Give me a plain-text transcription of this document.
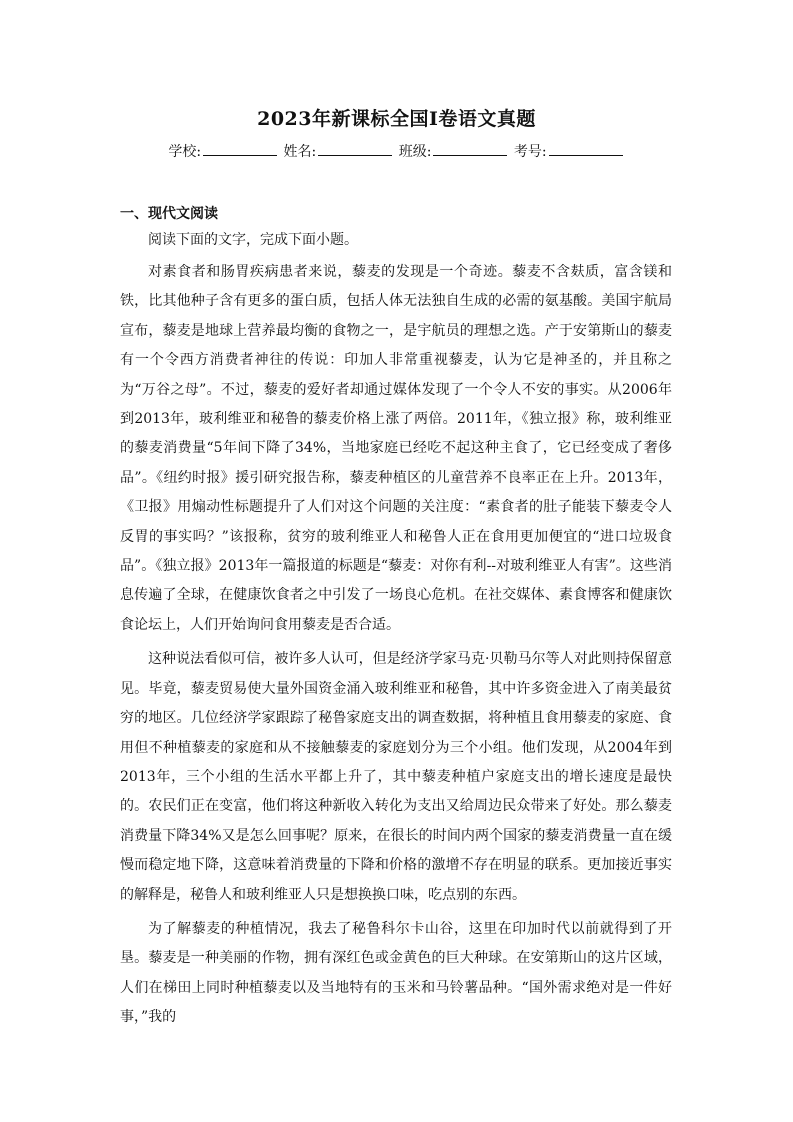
2023年新课标全国Ⅰ卷语文真题
学校:	姓名:	班级:	考号:
一、现代文阅读
阅读下面的文字，完成下面小题。

对素食者和肠胃疾病患者来说，藜麦的发现是一个奇迹。藜麦不含麸质，富含镁和铁，比其他种子含有更多的蛋白质，包括人体无法独自生成的必需的氨基酸。美国宇航局宣布，藜麦是地球上营养最均衡的食物之一，是宇航员的理想之选。产于安第斯山的藜麦有一个令西方消费者神往的传说：印加人非常重视藜麦，认为它是神圣的，并且称之为“万谷之母”。不过，藜麦的爱好者却通过媒体发现了一个令人不安的事实。从2006年到2013年，玻利维亚和秘鲁的藜麦价格上涨了两倍。2011年，《独立报》称，玻利维亚的藜麦消费量“5年间下降了34%，当地家庭已经吃不起这种主食了，它已经变成了奢侈品”。《纽约时报》援引研究报告称，藜麦种植区的儿童营养不良率正在上升。2013年，《卫报》用煽动性标题提升了人们对这个问题的关注度：“素食者的肚子能装下藜麦令人反胃的事实吗？”该报称，贫穷的玻利维亚人和秘鲁人正在食用更加便宜的“进口垃圾食品”。《独立报》2013年一篇报道的标题是“藜麦：对你有利--对玻利维亚人有害”。这些消息传遍了全球，在健康饮食者之中引发了一场良心危机。在社交媒体、素食博客和健康饮食论坛上，人们开始询问食用藜麦是否合适。

这种说法看似可信，被许多人认可，但是经济学家马克·贝勒马尔等人对此则持保留意见。毕竟，藜麦贸易使大量外国资金涌入玻利维亚和秘鲁，其中许多资金进入了南美最贫穷的地区。几位经济学家跟踪了秘鲁家庭支出的调查数据，将种植且食用藜麦的家庭、食用但不种植藜麦的家庭和从不接触藜麦的家庭划分为三个小组。他们发现，从2004年到2013年，三个小组的生活水平都上升了，其中藜麦种植户家庭支出的增长速度是最快的。农民们正在变富，他们将这种新收入转化为支出又给周边民众带来了好处。那么藜麦消费量下降34%又是怎么回事呢？原来，在很长的时间内两个国家的藜麦消费量一直在缓慢而稳定地下降，这意味着消费量的下降和价格的激增不存在明显的联系。更加接近事实的解释是，秘鲁人和玻利维亚人只是想换换口味，吃点别的东西。

为了解藜麦的种植情况，我去了秘鲁科尔卡山谷，这里在印加时代以前就得到了开垦。藜麦是一种美丽的作物，拥有深红色或金黄色的巨大种球。在安第斯山的这片区域，人们在梯田上同时种植藜麦以及当地特有的玉米和马铃薯品种。“国外需求绝对是一件好事，”我的
